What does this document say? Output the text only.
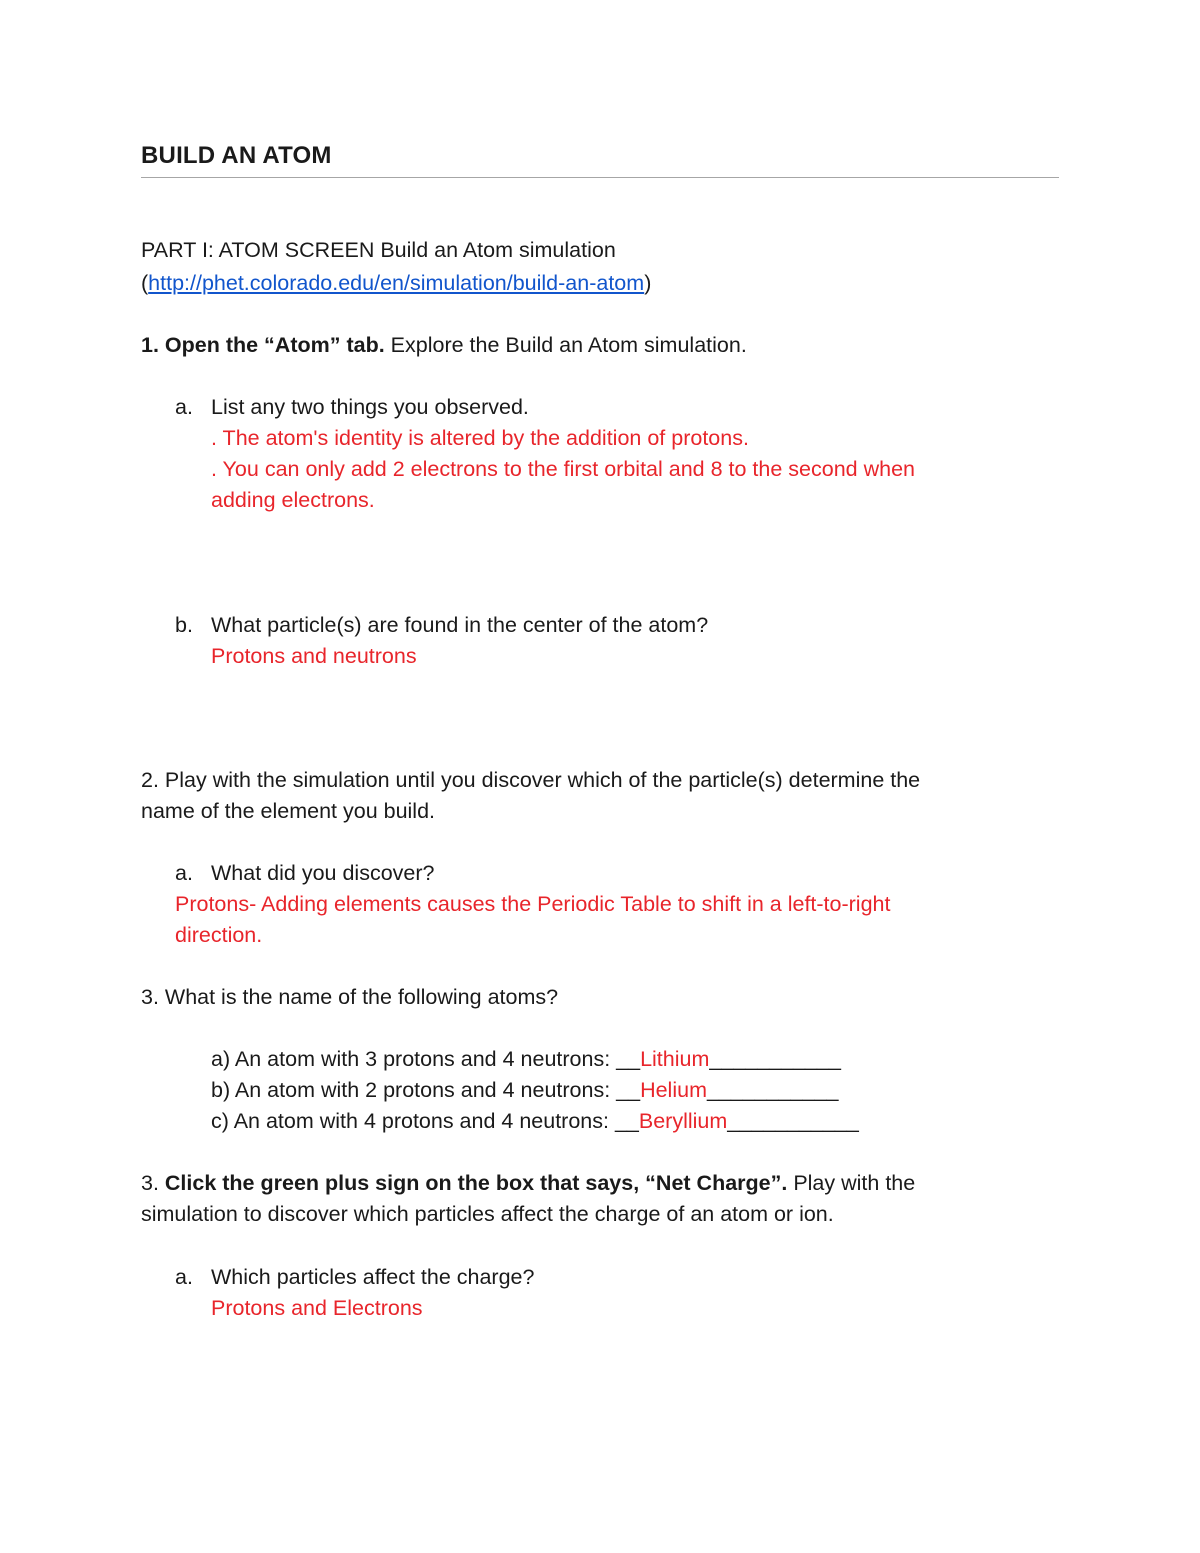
BUILD AN ATOM
PART I: ATOM SCREEN Build an Atom simulation
(http://phet.colorado.edu/en/simulation/build-an-atom)
1. Open the “Atom” tab. Explore the Build an Atom simulation.
a. List any two things you observed.
. The atom's identity is altered by the addition of protons.
. You can only add 2 electrons to the first orbital and 8 to the second when
adding electrons.
b. What particle(s) are found in the center of the atom?
Protons and neutrons
2. Play with the simulation until you discover which of the particle(s) determine the
name of the element you build.
a. What did you discover?
Protons- Adding elements causes the Periodic Table to shift in a left-to-right
direction.
3. What is the name of the following atoms?
a) An atom with 3 protons and 4 neutrons: __Lithium___________
b) An atom with 2 protons and 4 neutrons: __Helium___________
c) An atom with 4 protons and 4 neutrons: __Beryllium___________
3. Click the green plus sign on the box that says, “Net Charge”. Play with the
simulation to discover which particles affect the charge of an atom or ion.
a. Which particles affect the charge?
Protons and Electrons
